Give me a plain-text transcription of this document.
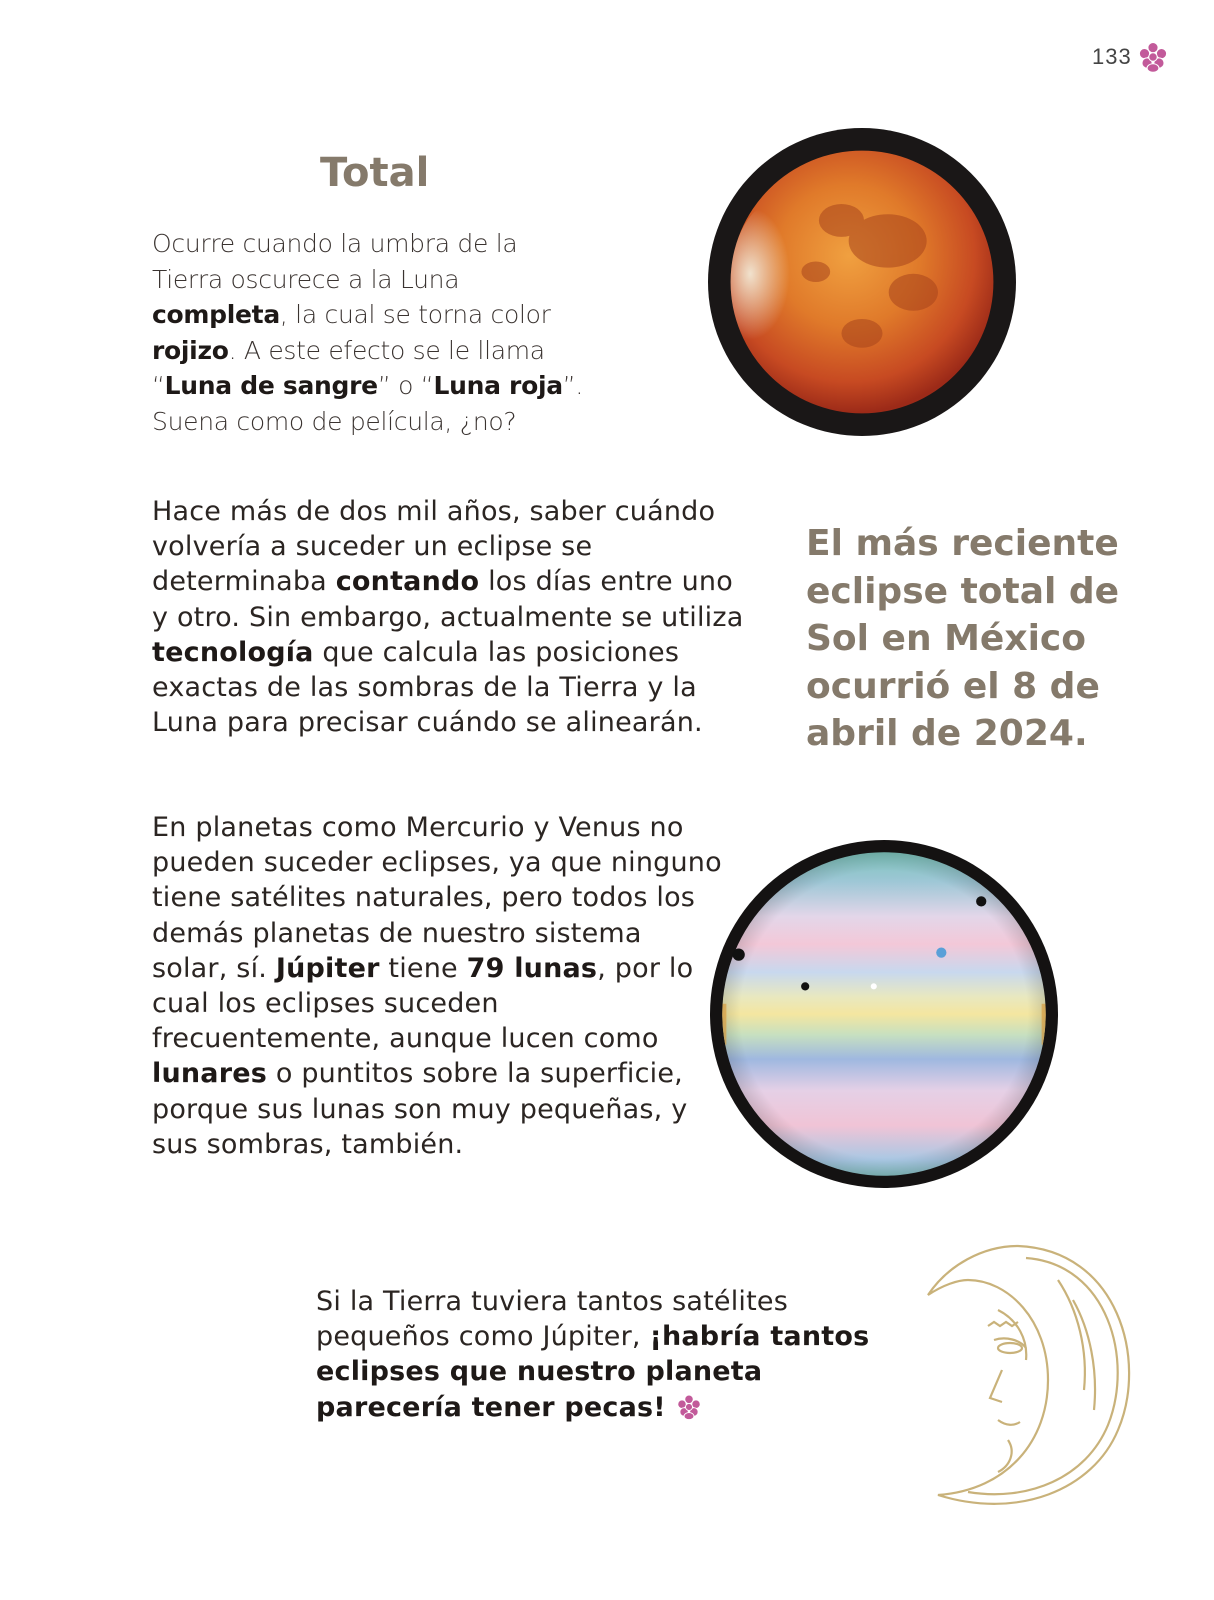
133
Total
Ocurre cuando la umbra de la Tierra oscurece a la Luna completa, la cual se torna color rojizo. A este efecto se le llama “Luna de sangre” o “Luna roja”. Suena como de película, ¿no?
Hace más de dos mil años, saber cuándo volvería a suceder un eclipse se determinaba contando los días entre uno y otro. Sin embargo, actualmente se utiliza tecnología que calcula las posiciones exactas de las sombras de la Tierra y la Luna para precisar cuándo se alinearán.
El más reciente eclipse total de Sol en México ocurrió el 8 de abril de 2024.
En planetas como Mercurio y Venus no pueden suceder eclipses, ya que ninguno tiene satélites naturales, pero todos los demás planetas de nuestro sistema solar, sí. Júpiter tiene 79 lunas, por lo cual los eclipses suceden frecuentemente, aunque lucen como lunares o puntitos sobre la superficie, porque sus lunas son muy pequeñas, y sus sombras, también.
Si la Tierra tuviera tantos satélites pequeños como Júpiter, ¡habría tantos eclipses que nuestro planeta parecería tener pecas!
